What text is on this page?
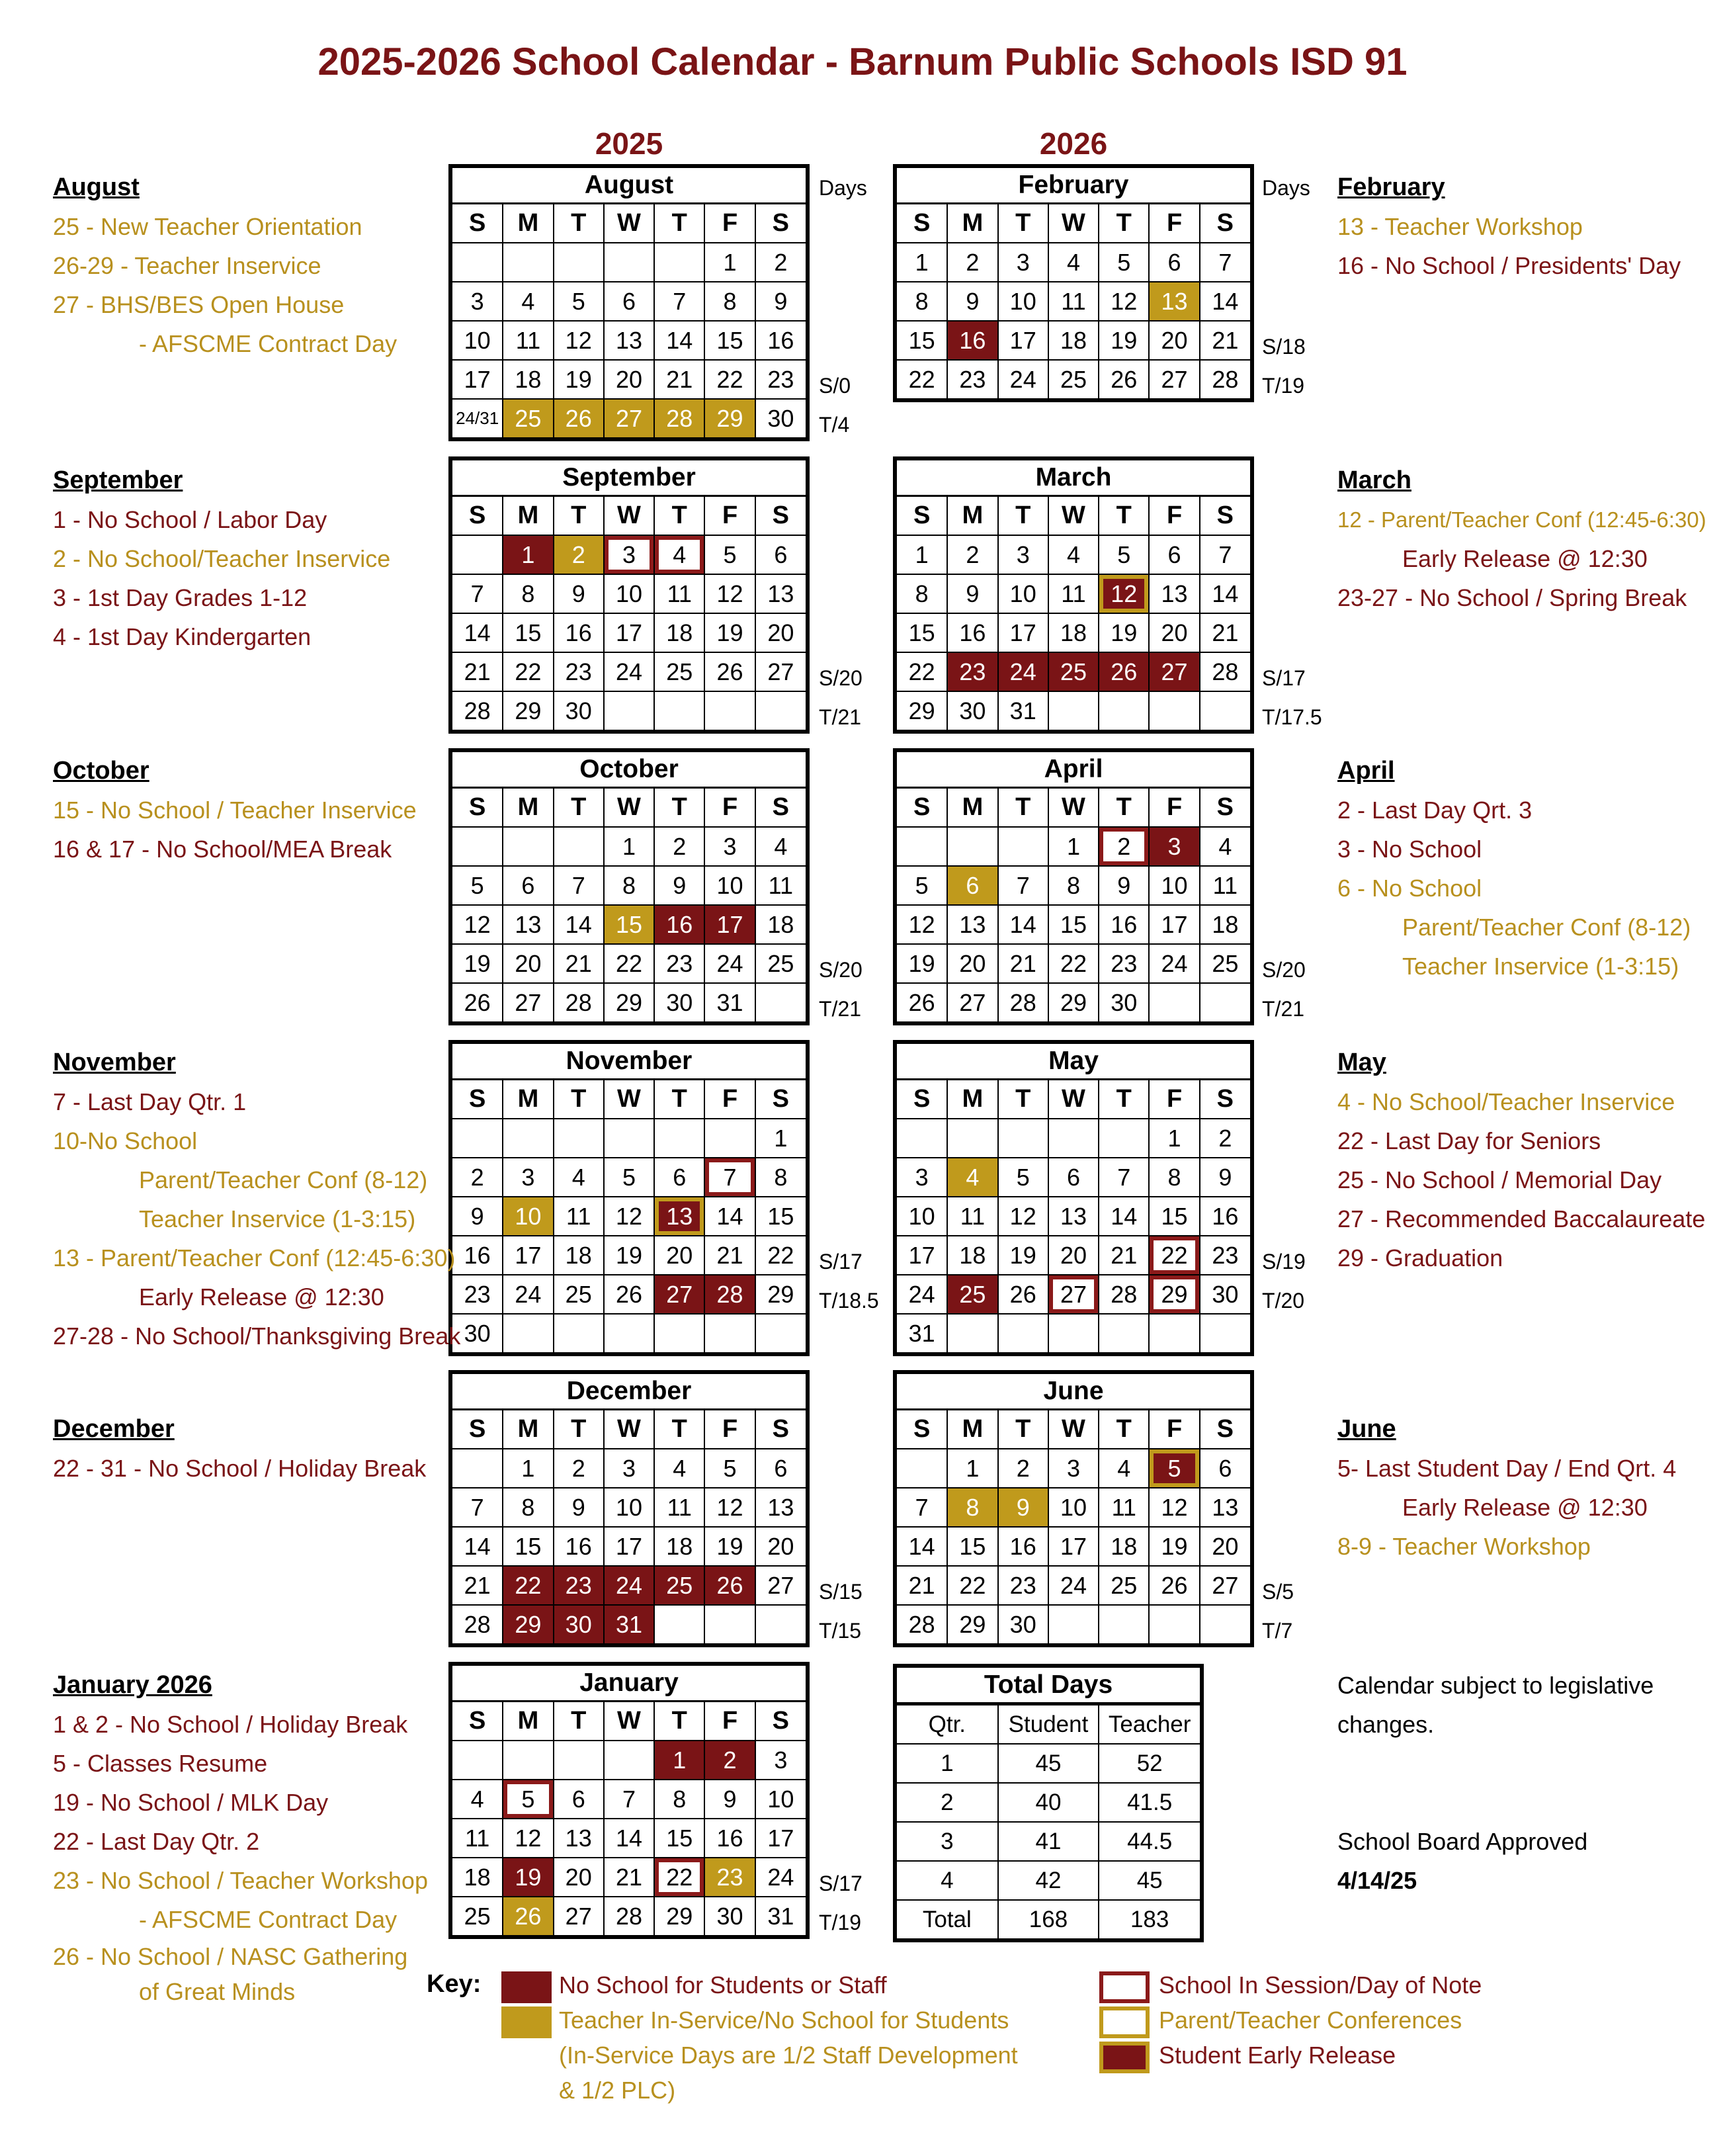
2025-2026 School Calendar - Barnum Public Schools ISD 91
2025	2026
August
S	M	T	W	T	F	S
					1	2
3	4	5	6	7	8	9
10	11	12	13	14	15	16
17	18	19	20	21	22	23
24/31	25	26	27	28	29	30
September
S	M	T	W	T	F	S
	1	2	3	4	5	6
7	8	9	10	11	12	13
14	15	16	17	18	19	20
21	22	23	24	25	26	27
28	29	30				
October
S	M	T	W	T	F	S
			1	2	3	4
5	6	7	8	9	10	11
12	13	14	15	16	17	18
19	20	21	22	23	24	25
26	27	28	29	30	31	
November
S	M	T	W	T	F	S
						1
2	3	4	5	6	7	8
9	10	11	12	13	14	15
16	17	18	19	20	21	22
23	24	25	26	27	28	29
30						
December
S	M	T	W	T	F	S
	1	2	3	4	5	6
7	8	9	10	11	12	13
14	15	16	17	18	19	20
21	22	23	24	25	26	27
28	29	30	31			
January
S	M	T	W	T	F	S
				1	2	3
4	5	6	7	8	9	10
11	12	13	14	15	16	17
18	19	20	21	22	23	24
25	26	27	28	29	30	31
February
S	M	T	W	T	F	S
1	2	3	4	5	6	7
8	9	10	11	12	13	14
15	16	17	18	19	20	21
22	23	24	25	26	27	28
March
S	M	T	W	T	F	S
1	2	3	4	5	6	7
8	9	10	11	12	13	14
15	16	17	18	19	20	21
22	23	24	25	26	27	28
29	30	31				
April
S	M	T	W	T	F	S
			1	2	3	4
5	6	7	8	9	10	11
12	13	14	15	16	17	18
19	20	21	22	23	24	25
26	27	28	29	30		
May
S	M	T	W	T	F	S
					1	2
3	4	5	6	7	8	9
10	11	12	13	14	15	16
17	18	19	20	21	22	23
24	25	26	27	28	29	30
31						
June
S	M	T	W	T	F	S
	1	2	3	4	5	6
7	8	9	10	11	12	13
14	15	16	17	18	19	20
21	22	23	24	25	26	27
28	29	30				
Days	Days
S/0
T/4
S/20
T/21
S/20
T/21
S/17
T/18.5
S/15
T/15
S/17
T/19
S/18
T/19
S/17
T/17.5
S/20
T/21
S/19
T/20
S/5
T/7
August
25 - New Teacher Orientation
26-29 - Teacher Inservice
27 - BHS/BES Open House
- AFSCME Contract Day
September
1 - No School / Labor Day
2 - No School/Teacher Inservice
3 - 1st Day Grades 1-12
4 - 1st Day Kindergarten
October
15 - No School / Teacher Inservice
16 & 17 - No School/MEA Break
November
7 - Last Day Qtr. 1
10-No School
Parent/Teacher Conf (8-12)
Teacher Inservice (1-3:15)
13 - Parent/Teacher Conf (12:45-6:30)
Early Release @ 12:30
27-28 - No School/Thanksgiving Break
December
22 - 31 - No School / Holiday Break
January 2026
1 & 2 - No School / Holiday Break
5 - Classes Resume
19 - No School / MLK Day
22 - Last Day Qtr. 2
23 - No School / Teacher Workshop
- AFSCME Contract Day
26 - No School / NASC Gathering
of Great Minds
February
13 - Teacher Workshop
16 - No School / Presidents' Day
March
12 - Parent/Teacher Conf (12:45-6:30)
Early Release @ 12:30
23-27 - No School / Spring Break
April
2 - Last Day Qrt. 3
3 - No School
6 - No School
Parent/Teacher Conf (8-12)
Teacher Inservice (1-3:15)
May
4 - No School/Teacher Inservice
22 - Last Day for Seniors
25 - No School / Memorial Day
27 - Recommended Baccalaureate
29 - Graduation
June
5- Last Student Day / End Qrt. 4
Early Release @ 12:30
8-9 - Teacher Workshop
Calendar subject to legislative
changes.
School Board Approved
4/14/25
Total Days
Qtr.	Student	Teacher
1	45	52
2	40	41.5
3	41	44.5
4	42	45
Total	168	183
Key:	No School for Students or Staff
Teacher In-Service/No School for Students
(In-Service Days are 1/2 Staff Development
& 1/2 PLC)
School In Session/Day of Note
Parent/Teacher Conferences
Student Early Release
